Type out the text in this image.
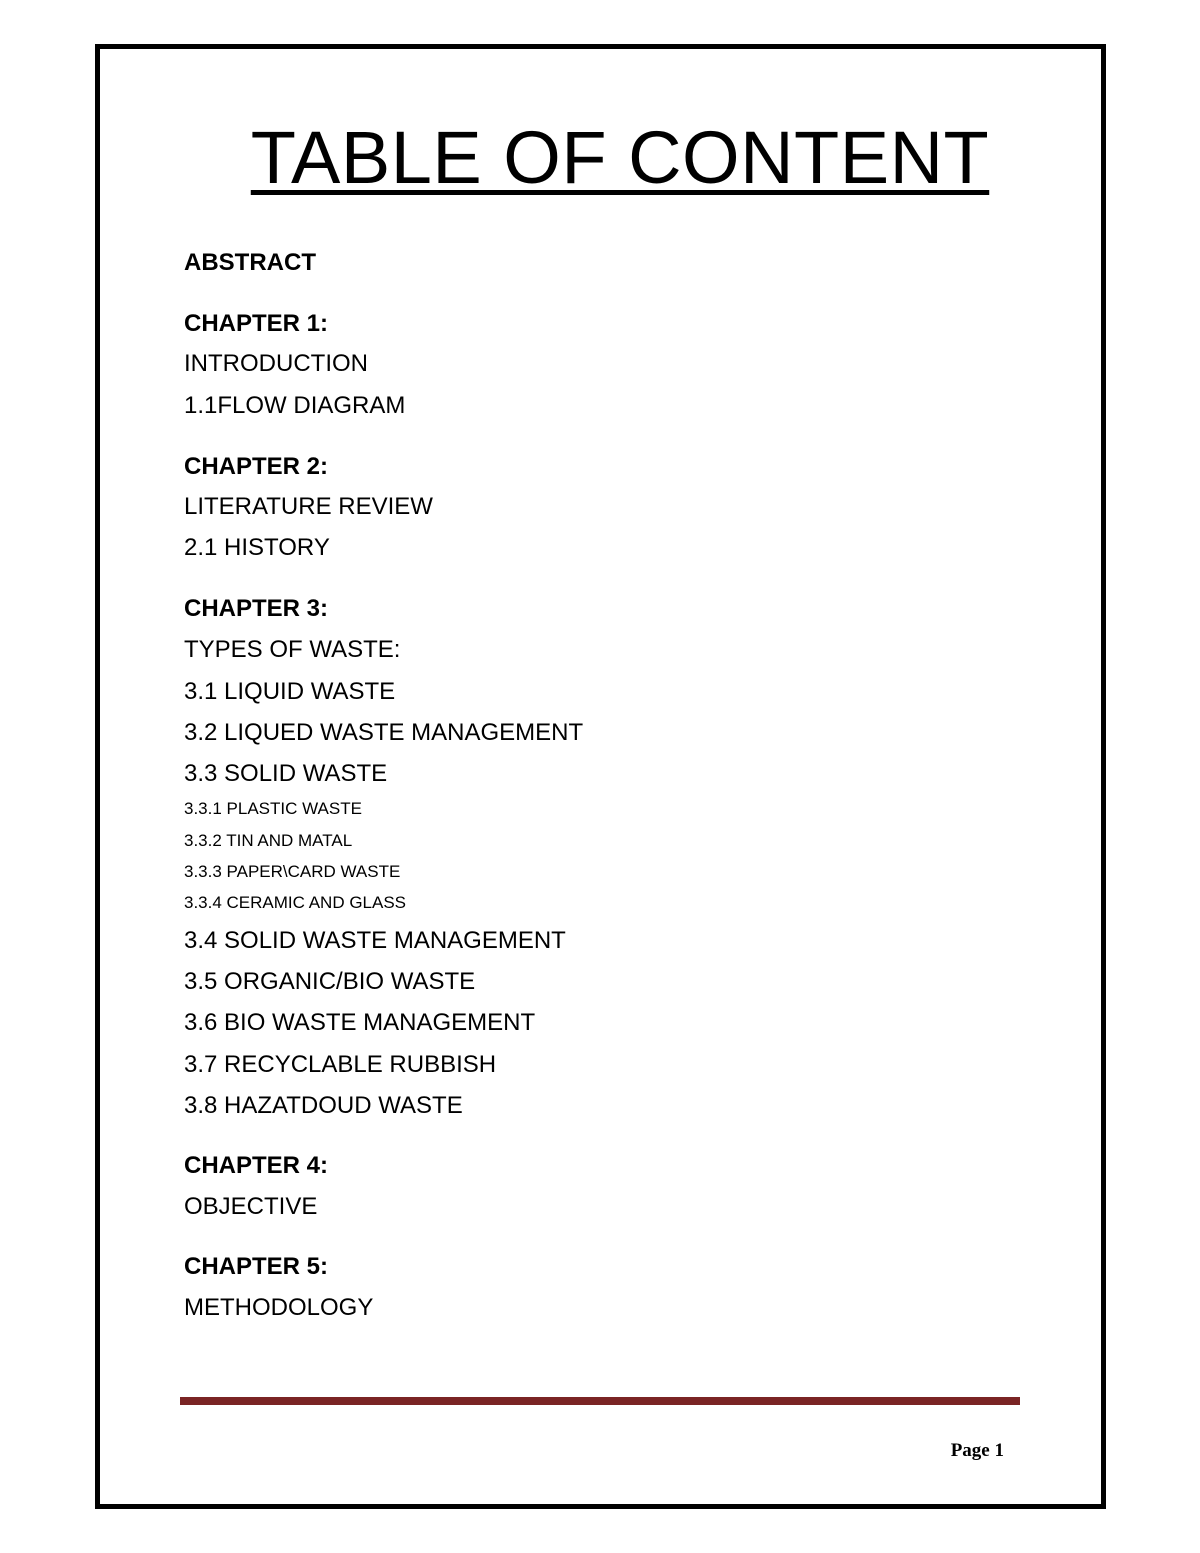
TABLE OF CONTENT
ABSTRACT
CHAPTER 1:
INTRODUCTION
1.1FLOW DIAGRAM
CHAPTER 2:
LITERATURE REVIEW
2.1 HISTORY
CHAPTER 3:
TYPES OF WASTE:
3.1 LIQUID WASTE
3.2 LIQUED WASTE MANAGEMENT
3.3 SOLID WASTE
3.3.1 PLASTIC WASTE
3.3.2 TIN AND MATAL
3.3.3 PAPER\CARD WASTE
3.3.4 CERAMIC AND GLASS
3.4 SOLID WASTE MANAGEMENT
3.5 ORGANIC/BIO WASTE
3.6 BIO WASTE MANAGEMENT
3.7 RECYCLABLE RUBBISH
3.8 HAZATDOUD WASTE
CHAPTER 4:
OBJECTIVE
CHAPTER 5:
METHODOLOGY
Page 1
